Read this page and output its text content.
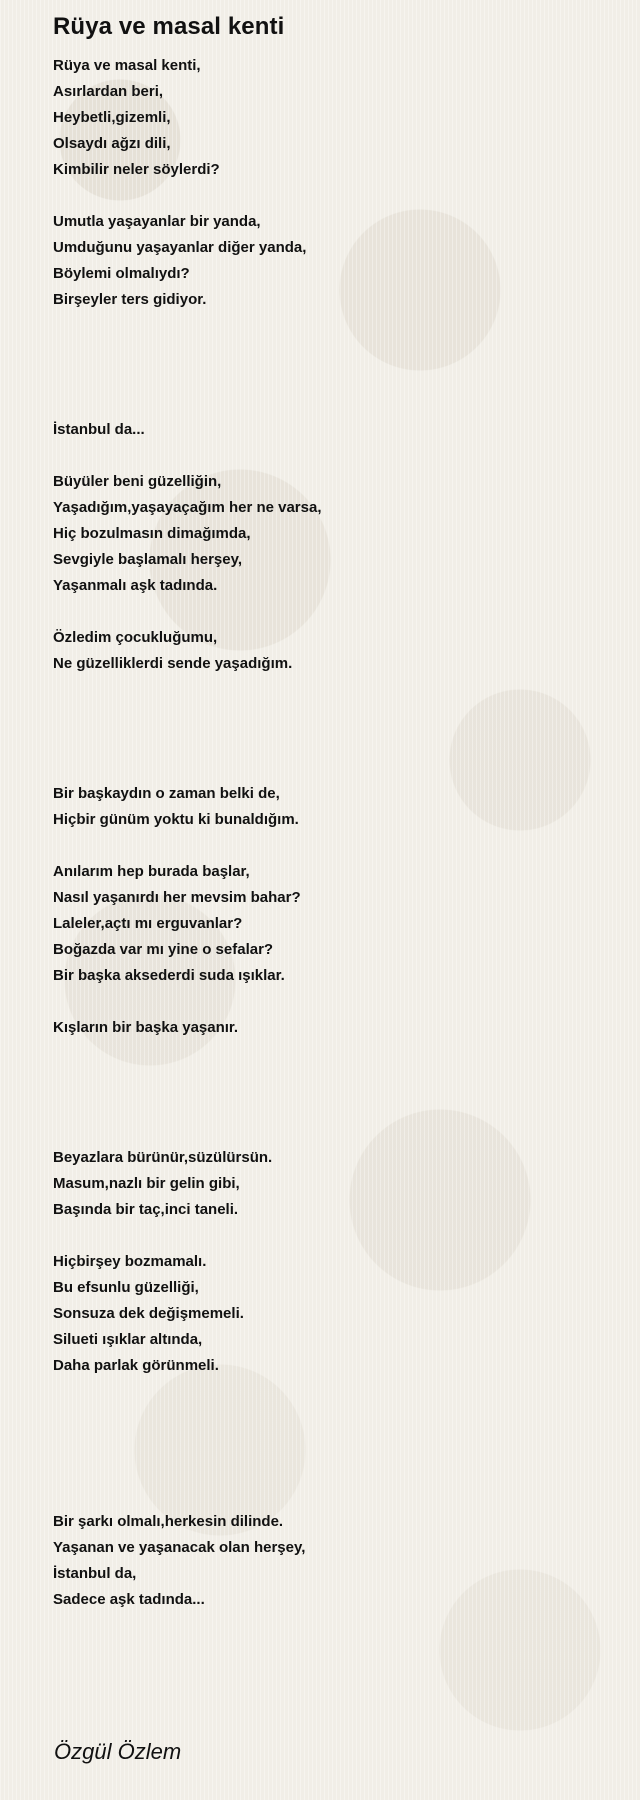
Rüya ve masal kenti
Rüya ve masal kenti,
Asırlardan beri,
Heybetli,gizemli,
Olsaydı ağzı dili,
Kimbilir neler söylerdi?
Umutla yaşayanlar bir yanda,
Umduğunu yaşayanlar diğer yanda,
Böylemi olmalıydı?
Birşeyler ters gidiyor.
İstanbul da...
Büyüler beni güzelliğin,
Yaşadığım,yaşayaçağım her ne varsa,
Hiç bozulmasın dimağımda,
Sevgiyle başlamalı herşey,
Yaşanmalı aşk tadında.
Özledim çocukluğumu,
Ne güzelliklerdi sende yaşadığım.
Bir başkaydın o zaman belki de,
Hiçbir günüm yoktu ki bunaldığım.
Anılarım hep burada başlar,
Nasıl yaşanırdı her mevsim bahar?
Laleler,açtı mı erguvanlar?
Boğazda var mı yine o sefalar?
Bir başka aksederdi suda ışıklar.
Kışların bir başka yaşanır.
Beyazlara bürünür,süzülürsün.
Masum,nazlı bir gelin gibi,
Başında bir taç,inci taneli.
Hiçbirşey bozmamalı.
Bu efsunlu güzelliği,
Sonsuza dek değişmemeli.
Silueti ışıklar altında,
Daha parlak görünmeli.
Bir şarkı olmalı,herkesin dilinde.
Yaşanan ve yaşanacak olan herşey,
İstanbul da,
Sadece aşk tadında...
Özgül Özlem
